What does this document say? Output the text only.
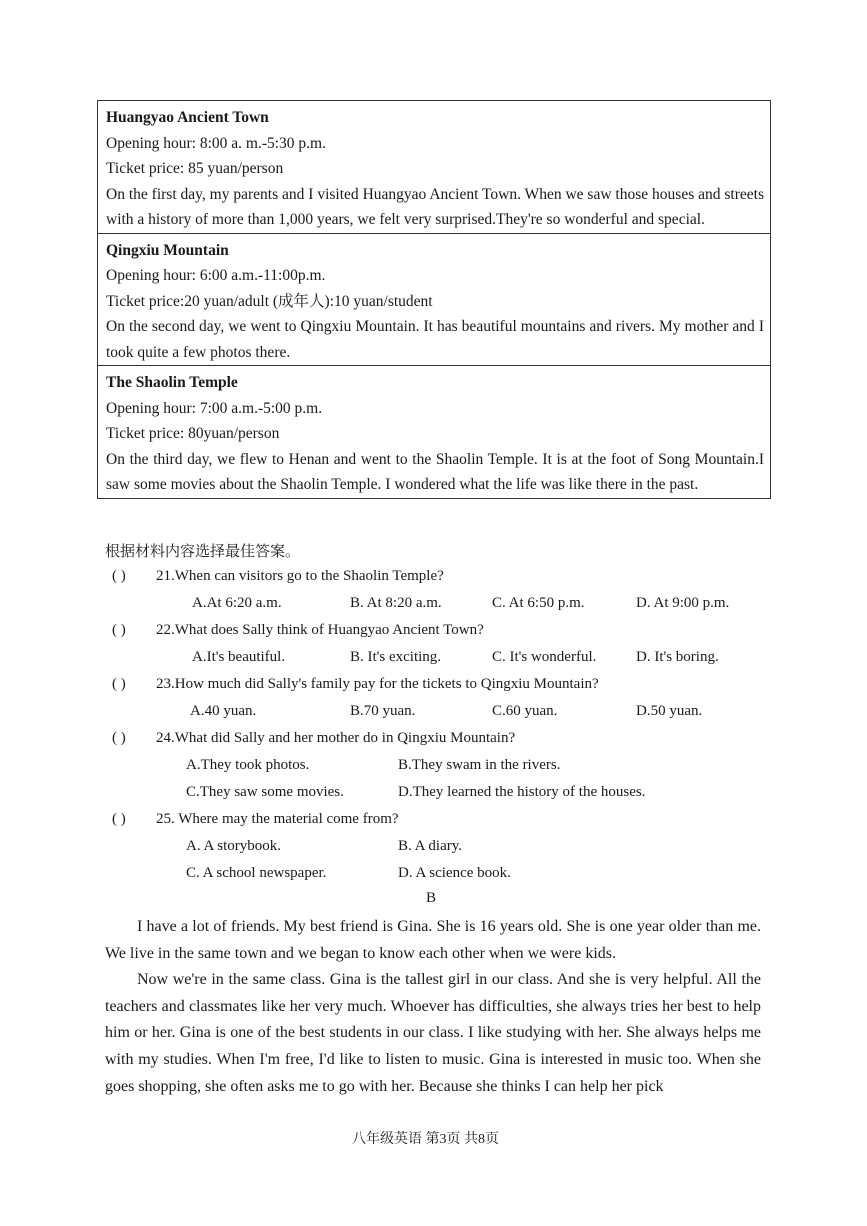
Huangyao Ancient Town
Opening hour: 8:00 a. m.-5:30 p.m.
Ticket price: 85 yuan/person
On the first day, my parents and I visited Huangyao Ancient Town. When we saw those houses and streets with a history of more than 1,000 years, we felt very surprised.They're so wonderful and special.
Qingxiu Mountain
Opening hour: 6:00 a.m.-11:00p.m.
Ticket price:20 yuan/adult (成年人):10 yuan/student
On the second day, we went to Qingxiu Mountain. It has beautiful mountains and rivers. My mother and I took quite a few photos there.
The Shaolin Temple
Opening hour: 7:00 a.m.-5:00 p.m.
Ticket price: 80yuan/person
On the third day, we flew to Henan and went to the Shaolin Temple. It is at the foot of Song Mountain.I saw some movies about the Shaolin Temple. I wondered what the life was like there in the past.
根据材料内容选择最佳答案。
( ) 21.When can visitors go to the Shaolin Temple?
A.At 6:20 a.m.	B. At 8:20 a.m.	C. At 6:50 p.m.	D. At 9:00 p.m.
( ) 22.What does Sally think of Huangyao Ancient Town?
A.It's beautiful.	B. It's exciting.	C. It's wonderful.	D. It's boring.
( ) 23.How much did Sally's family pay for the tickets to Qingxiu Mountain?
A.40 yuan.	B.70 yuan.	C.60 yuan.	D.50 yuan.
( ) 24.What did Sally and her mother do in Qingxiu Mountain?
A.They took photos.	B.They swam in the rivers.
C.They saw some movies.	D.They learned the history of the houses.
( ) 25. Where may the material come from?
A. A storybook.	B. A diary.
C. A school newspaper.	D. A science book.
B
I have a lot of friends. My best friend is Gina. She is 16 years old. She is one year older than me. We live in the same town and we began to know each other when we were kids.
Now we're in the same class. Gina is the tallest girl in our class. And she is very helpful. All the teachers and classmates like her very much. Whoever has difficulties, she always tries her best to help him or her. Gina is one of the best students in our class. I like studying with her. She always helps me with my studies. When I'm free, I'd like to listen to music. Gina is interested in music too. When she goes shopping, she often asks me to go with her. Because she thinks I can help her pick
八年级英语 第3页 共8页
